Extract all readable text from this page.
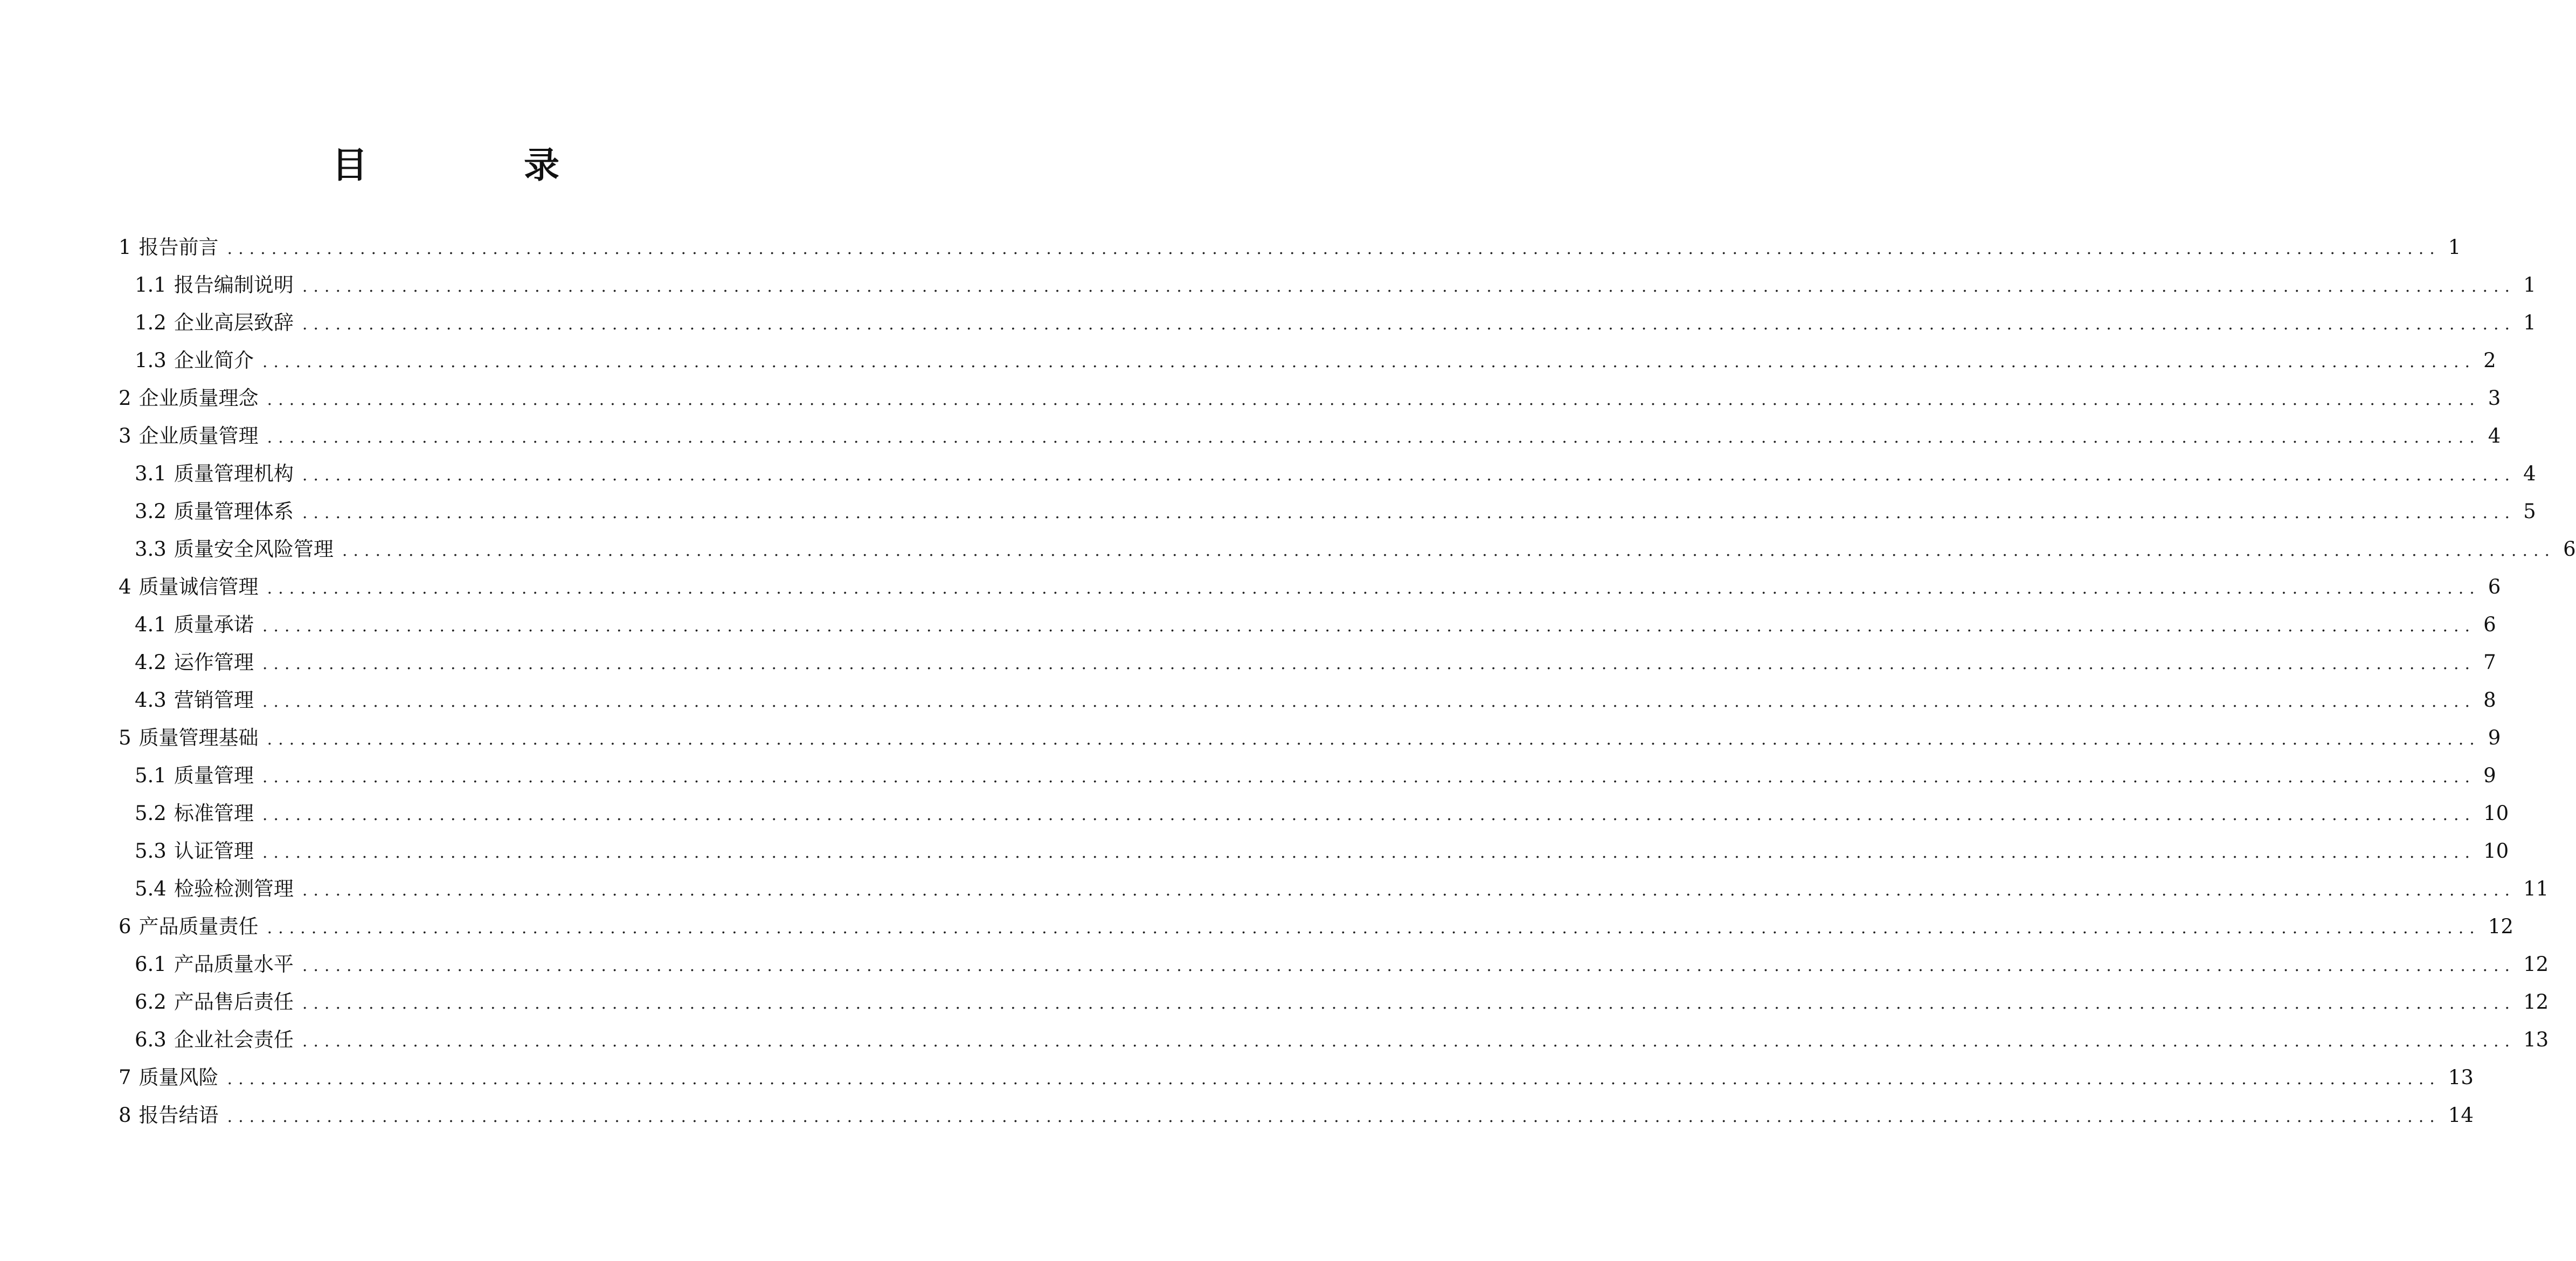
目　录
1 报告前言 ........................................................................................................................................................................................................ 1
1.1 报告编制说明 ........................................................................................................................................................................................................ 1
1.2 企业高层致辞 ........................................................................................................................................................................................................ 1
1.3 企业简介 ........................................................................................................................................................................................................ 2
2 企业质量理念 ........................................................................................................................................................................................................ 3
3 企业质量管理 ........................................................................................................................................................................................................ 4
3.1 质量管理机构 ........................................................................................................................................................................................................ 4
3.2 质量管理体系 ........................................................................................................................................................................................................ 5
3.3 质量安全风险管理 ........................................................................................................................................................................................................ 6
4 质量诚信管理 ........................................................................................................................................................................................................ 6
4.1 质量承诺 ........................................................................................................................................................................................................ 6
4.2 运作管理 ........................................................................................................................................................................................................ 7
4.3 营销管理 ........................................................................................................................................................................................................ 8
5 质量管理基础 ........................................................................................................................................................................................................ 9
5.1 质量管理 ........................................................................................................................................................................................................ 9
5.2 标准管理 ........................................................................................................................................................................................................ 10
5.3 认证管理 ........................................................................................................................................................................................................ 10
5.4 检验检测管理 ........................................................................................................................................................................................................ 11
6 产品质量责任 ........................................................................................................................................................................................................ 12
6.1 产品质量水平 ........................................................................................................................................................................................................ 12
6.2 产品售后责任 ........................................................................................................................................................................................................ 12
6.3 企业社会责任 ........................................................................................................................................................................................................ 13
7 质量风险 ........................................................................................................................................................................................................ 13
8 报告结语 ........................................................................................................................................................................................................ 14
